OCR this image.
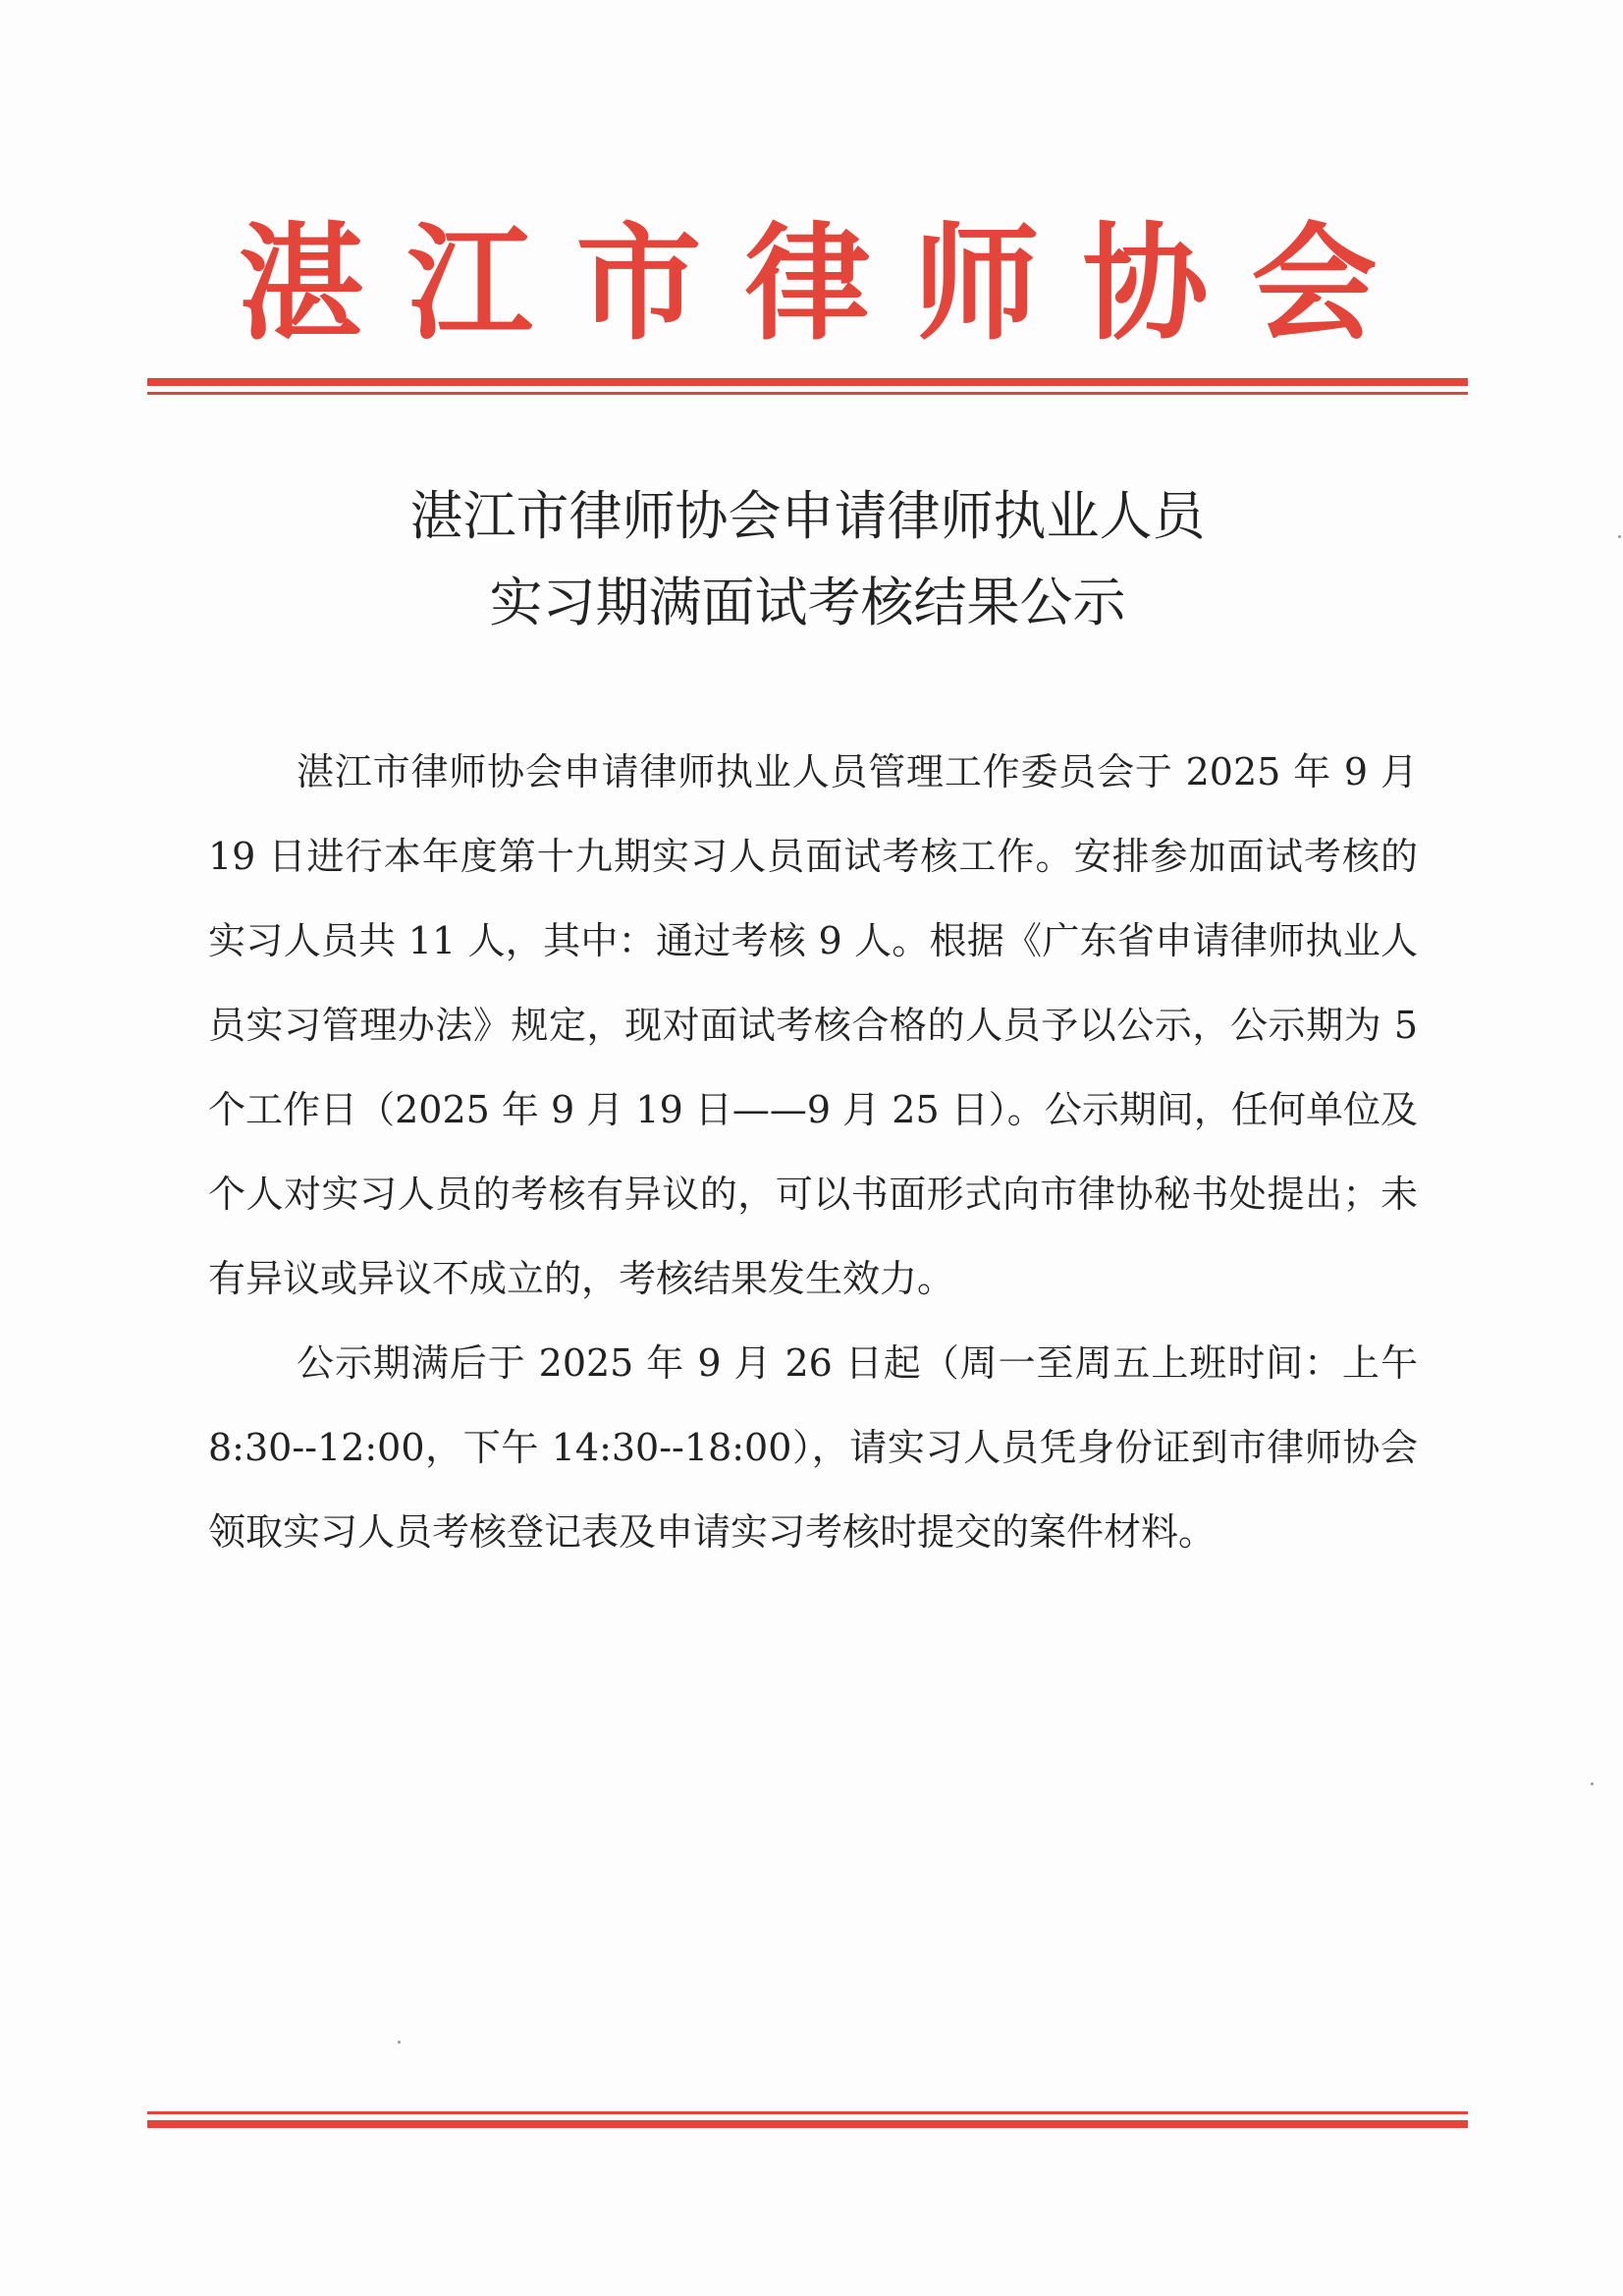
湛江市律师协会
湛江市律师协会申请律师执业人员
实习期满面试考核结果公示

湛江市律师协会申请律师执业人员管理工作委员会于 2025 年 9 月 19 日进行本年度第十九期实习人员面试考核工作。安排参加面试考核的实习人员共 11 人，其中：通过考核 9 人。根据《广东省申请律师执业人员实习管理办法》规定，现对面试考核合格的人员予以公示，公示期为 5 个工作日（2025 年 9 月 19 日——9 月 25 日）。公示期间，任何单位及个人对实习人员的考核有异议的，可以书面形式向市律协秘书处提出；未有异议或异议不成立的，考核结果发生效力。

公示期满后于 2025 年 9 月 26 日起（周一至周五上班时间：上午 8:30--12:00，下午 14:30--18:00），请实习人员凭身份证到市律师协会领取实习人员考核登记表及申请实习考核时提交的案件材料。
